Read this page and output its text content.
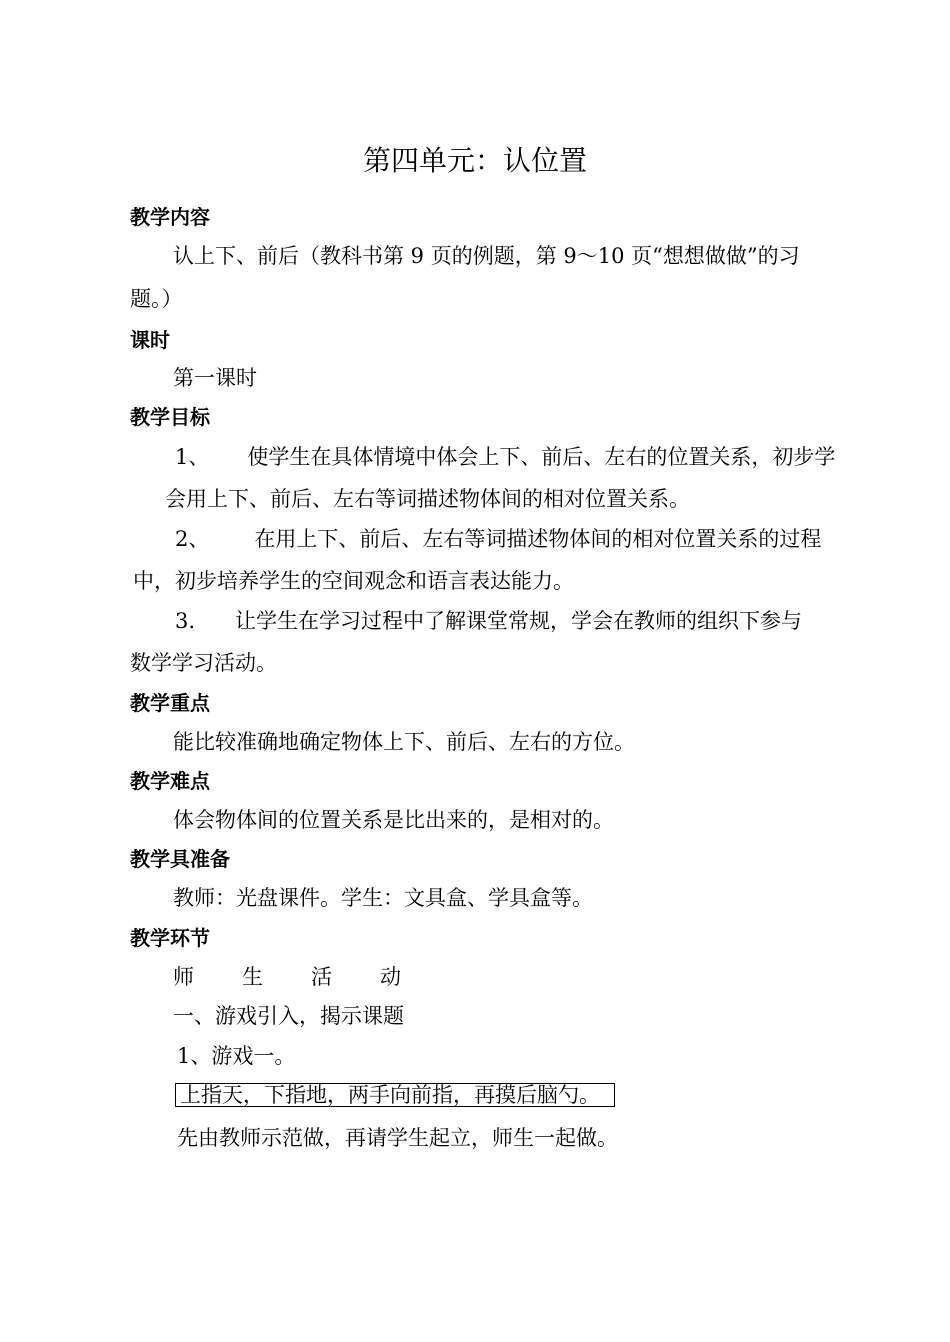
第四单元：认位置
教学内容
认上下、前后（教科书第 9 页的例题，第 9～10 页“想想做做”的习
题。）
课时
第一课时
教学目标
1、 使学生在具体情境中体会上下、前后、左右的位置关系，初步学
会用上下、前后、左右等词描述物体间的相对位置关系。
2、 在用上下、前后、左右等词描述物体间的相对位置关系的过程
中，初步培养学生的空间观念和语言表达能力。
3. 让学生在学习过程中了解课堂常规，学会在教师的组织下参与
数学学习活动。
教学重点
能比较准确地确定物体上下、前后、左右的方位。
教学难点
体会物体间的位置关系是比出来的，是相对的。
教学具准备
教师：光盘课件。学生：文具盒、学具盒等。
教学环节
师 生 活 动
一、游戏引入，揭示课题
1、游戏一。
上指天，下指地，两手向前指，再摸后脑勺。
先由教师示范做，再请学生起立，师生一起做。
